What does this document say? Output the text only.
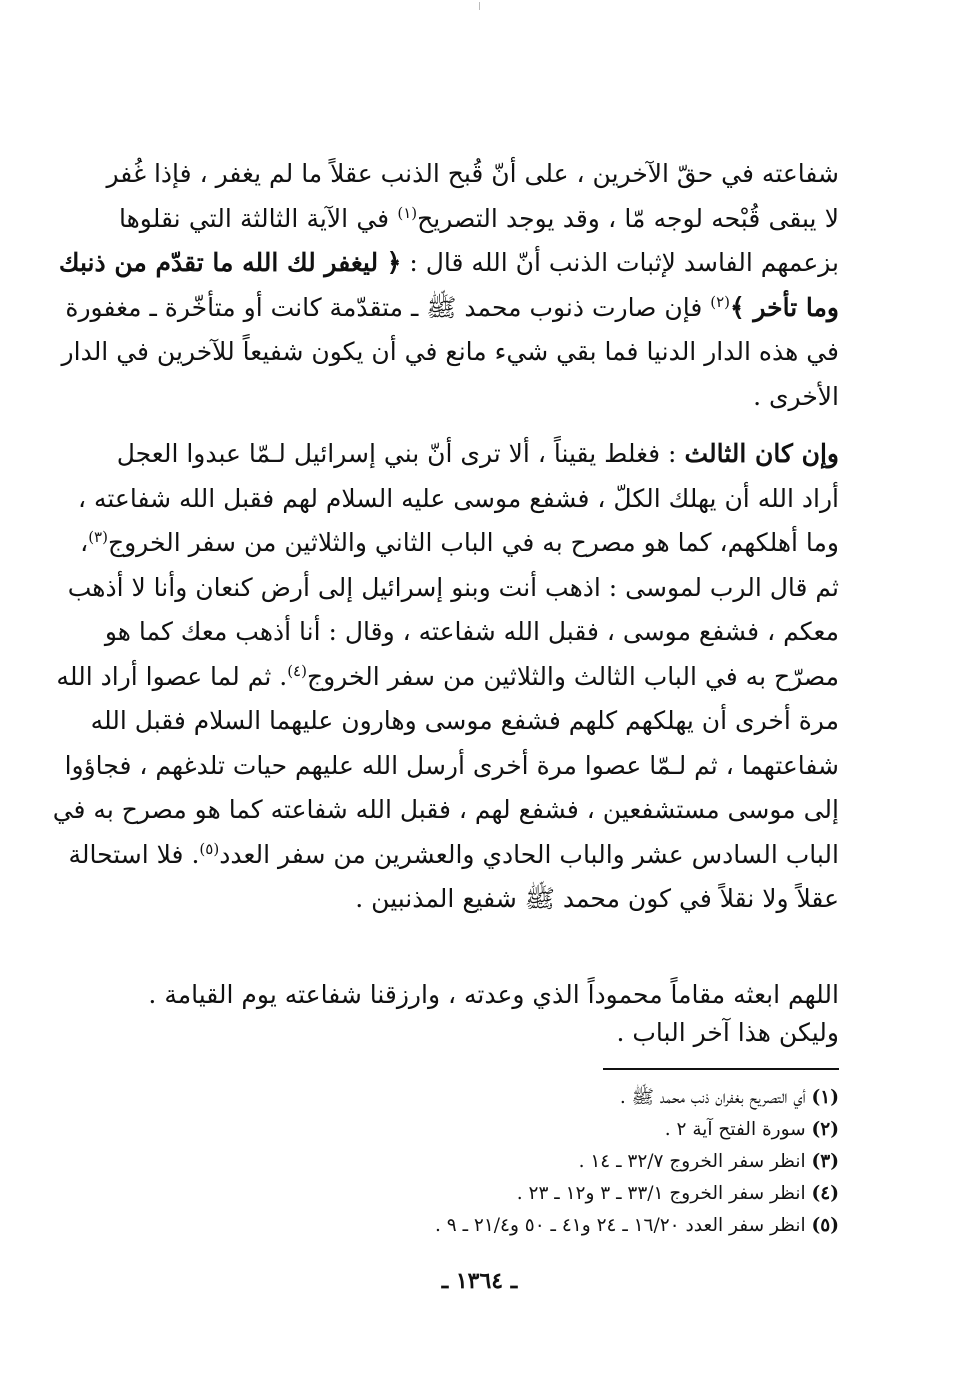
شفاعته في حقّ الآخرين ، على أنّ قُبح الذنب عقلاً ما لم يغفر ، فإذا غُفر
لا يبقى قُبْحه لوجه مّا ، وقد يوجد التصريح$^{(١)}$ في الآية الثالثة التي نقلوها
بزعمهم الفاسد لإثبات الذنب أنّ الله قال : ﴿ ليغفر لك الله ما تقدّم من ذنبك
وما تأخر ﴾$^{(٢)}$ فإن صارت ذنوب محمد ﷺ ـ متقدّمة كانت أو متأخّرة ـ مغفورة
في هذه الدار الدنيا فما بقي شيء مانع في أن يكون شفيعاً للآخرين في الدار
الأخرى .
وإن كان الثالث : فغلط يقيناً ، ألا ترى أنّ بني إسرائيل لـمّا عبدوا العجل
أراد الله أن يهلك الكلّ ، فشفع موسى عليه السلام لهم فقبل الله شفاعته ،
وما أهلكهم، كما هو مصرح به في الباب الثاني والثلاثين من سفر الخروج$^{(٣)}$،
ثم قال الرب لموسى : اذهب أنت وبنو إسرائيل إلى أرض كنعان وأنا لا أذهب
معكم ، فشفع موسى ، فقبل الله شفاعته ، وقال : أنا أذهب معك كما هو
مصرّح به في الباب الثالث والثلاثين من سفر الخروج$^{(٤)}$. ثم لما عصوا أراد الله
مرة أخرى أن يهلكهم كلهم فشفع موسى وهارون عليهما السلام فقبل الله
شفاعتهما ، ثم لـمّا عصوا مرة أخرى أرسل الله عليهم حيات تلدغهم ، فجاؤوا
إلى موسى مستشفعين ، فشفع لهم ، فقبل الله شفاعته كما هو مصرح به في
الباب السادس عشر والباب الحادي والعشرين من سفر العدد$^{(٥)}$. فلا استحالة
عقلاً ولا نقلاً في كون محمد ﷺ شفيع المذنبين .
اللهم ابعثه مقاماً محموداً الذي وعدته ، وارزقنا شفاعته يوم القيامة .
وليكن هذا آخر الباب .
(١) أي التصريح بغفران ذنب محمد ﷺ .
(٢) سورة الفتح آية ٢ .
(٣) انظر سفر الخروج ٣٢/٧ ـ ١٤ .
(٤) انظر سفر الخروج ٣٣/١ ـ ٣ و١٢ ـ ٢٣ .
(٥) انظر سفر العدد ١٦/٢٠ ـ ٢٤ و٤١ ـ ٥٠ و٢١/٤ ـ ٩ .
ـ ١٣٦٤ ـ
